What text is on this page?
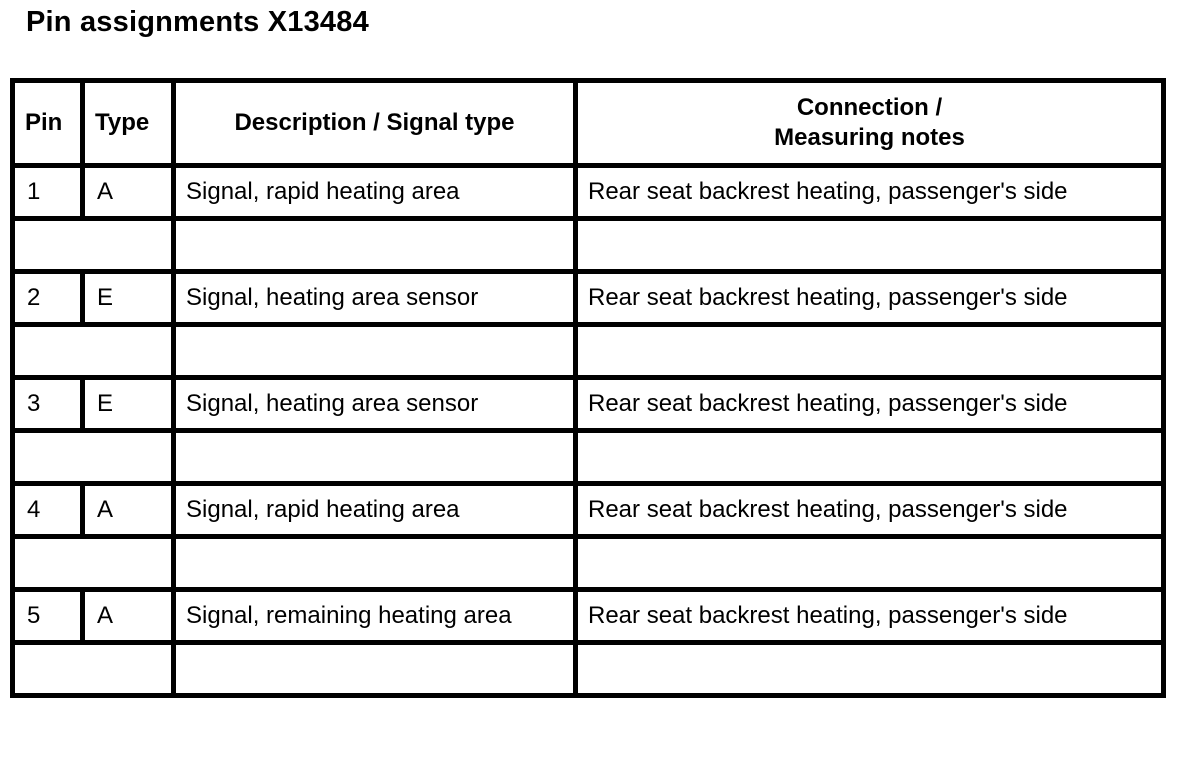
Pin assignments X13484
Pin	Type	Description / Signal type	Connection /
Measuring notes
1	A	Signal, rapid heating area	Rear seat backrest heating, passenger's side

2	E	Signal, heating area sensor	Rear seat backrest heating, passenger's side

3	E	Signal, heating area sensor	Rear seat backrest heating, passenger's side

4	A	Signal, rapid heating area	Rear seat backrest heating, passenger's side

5	A	Signal, remaining heating area	Rear seat backrest heating, passenger's side
